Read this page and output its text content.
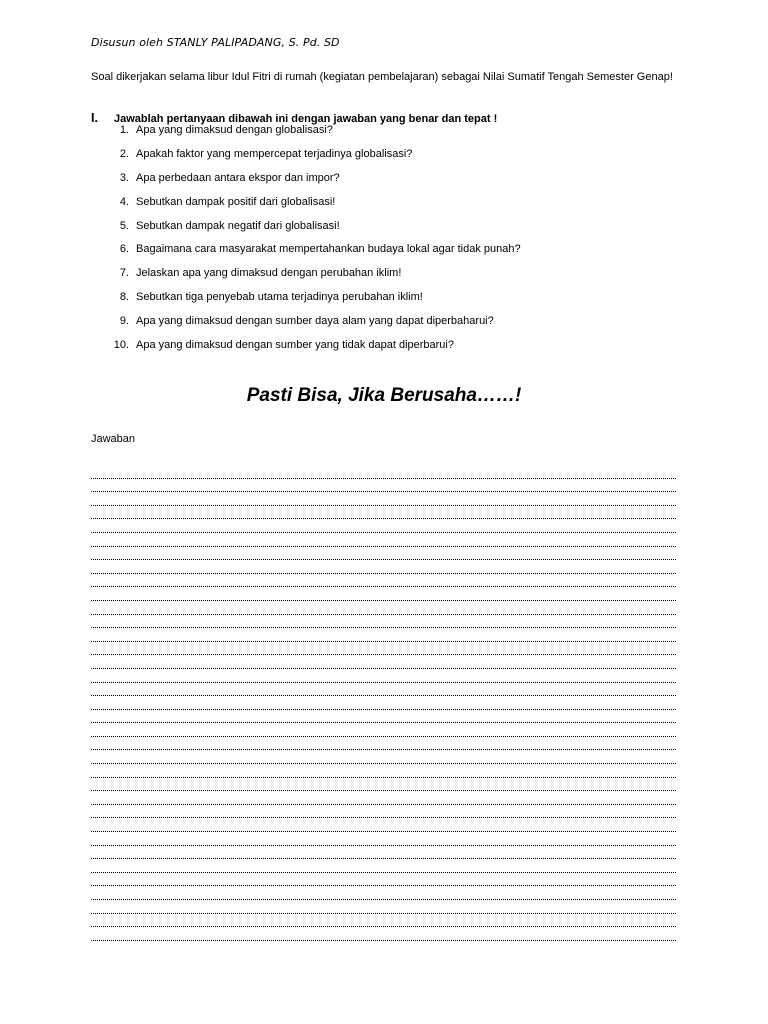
Disusun oleh STANLY PALIPADANG, S. Pd. SD
Soal dikerjakan selama libur Idul Fitri di rumah (kegiatan pembelajaran) sebagai Nilai Sumatif Tengah Semester Genap!
I.	Jawablah pertanyaan dibawah ini dengan jawaban yang benar dan tepat !
1. Apa yang dimaksud dengan globalisasi?
2. Apakah faktor yang mempercepat terjadinya globalisasi?
3. Apa perbedaan antara ekspor dan impor?
4. Sebutkan dampak positif dari globalisasi!
5. Sebutkan dampak negatif dari globalisasi!
6. Bagaimana cara masyarakat mempertahankan budaya lokal agar tidak punah?
7. Jelaskan apa yang dimaksud dengan perubahan iklim!
8. Sebutkan tiga penyebab utama terjadinya perubahan iklim!
9. Apa yang dimaksud dengan sumber daya alam yang dapat diperbaharui?
10. Apa yang dimaksud dengan sumber yang tidak dapat diperbarui?
Pasti Bisa, Jika Berusaha……!
Jawaban
